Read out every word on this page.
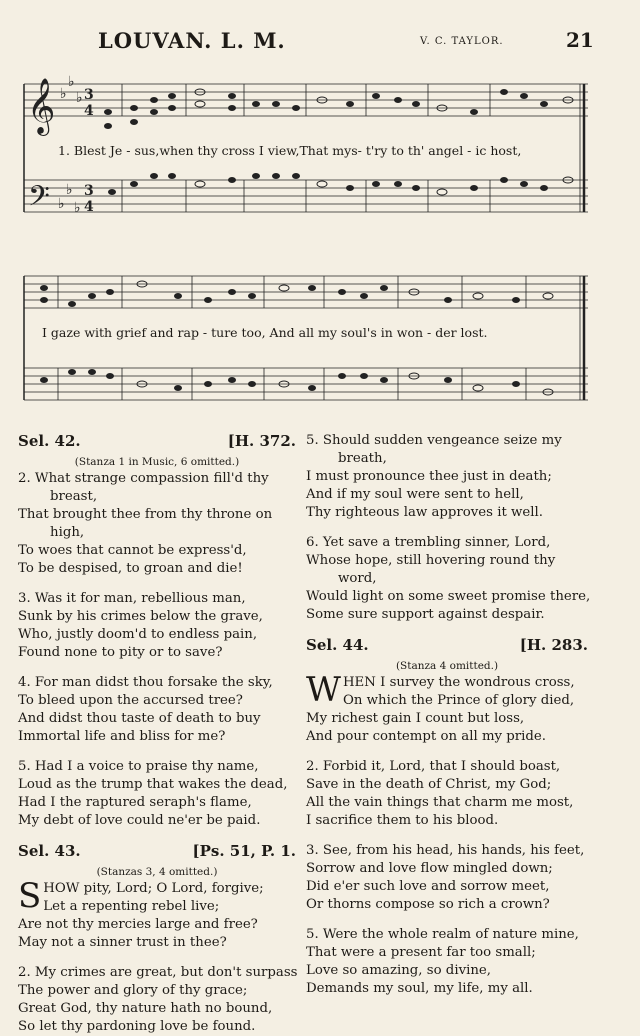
LOUVAN. L. M.	V. C. TAYLOR.	21
𝄞
𝄢
3
4
3
4
♭
♭
♭
♭
♭
♭
1. Blest Je - sus,when thy cross I view,That mys- t'ry to th' angel - ic host,
I gaze with grief and rap - ture too, And all my soul's in won - der lost.
Sel. 42.	[H. 372.
(Stanza 1 in Music, 6 omitted.)
2. What strange compassion fill'd thy
breast,
That brought thee from thy throne on
high,
To woes that cannot be express'd,
To be despised, to groan and die!
3. Was it for man, rebellious man,
Sunk by his crimes below the grave,
Who, justly doom'd to endless pain,
Found none to pity or to save?
4. For man didst thou forsake the sky,
To bleed upon the accursed tree?
And didst thou taste of death to buy
Immortal life and bliss for me?
5. Had I a voice to praise thy name,
Loud as the trump that wakes the dead,
Had I the raptured seraph's flame,
My debt of love could ne'er be paid.
Sel. 43.	[Ps. 51, P. 1.
(Stanzas 3, 4 omitted.)
S HOW pity, Lord; O Lord, forgive;
Let a repenting rebel live;
Are not thy mercies large and free?
May not a sinner trust in thee?
2. My crimes are great, but don't surpass
The power and glory of thy grace;
Great God, thy nature hath no bound,
So let thy pardoning love be found.
5. Should sudden vengeance seize my
breath,
I must pronounce thee just in death;
And if my soul were sent to hell,
Thy righteous law approves it well.
6. Yet save a trembling sinner, Lord,
Whose hope, still hovering round thy
word,
Would light on some sweet promise there,
Some sure support against despair.
Sel. 44.	[H. 283.
(Stanza 4 omitted.)
W HEN I survey the wondrous cross,
On which the Prince of glory died,
My richest gain I count but loss,
And pour contempt on all my pride.
2. Forbid it, Lord, that I should boast,
Save in the death of Christ, my God;
All the vain things that charm me most,
I sacrifice them to his blood.
3. See, from his head, his hands, his feet,
Sorrow and love flow mingled down;
Did e'er such love and sorrow meet,
Or thorns compose so rich a crown?
5. Were the whole realm of nature mine,
That were a present far too small;
Love so amazing, so divine,
Demands my soul, my life, my all.
